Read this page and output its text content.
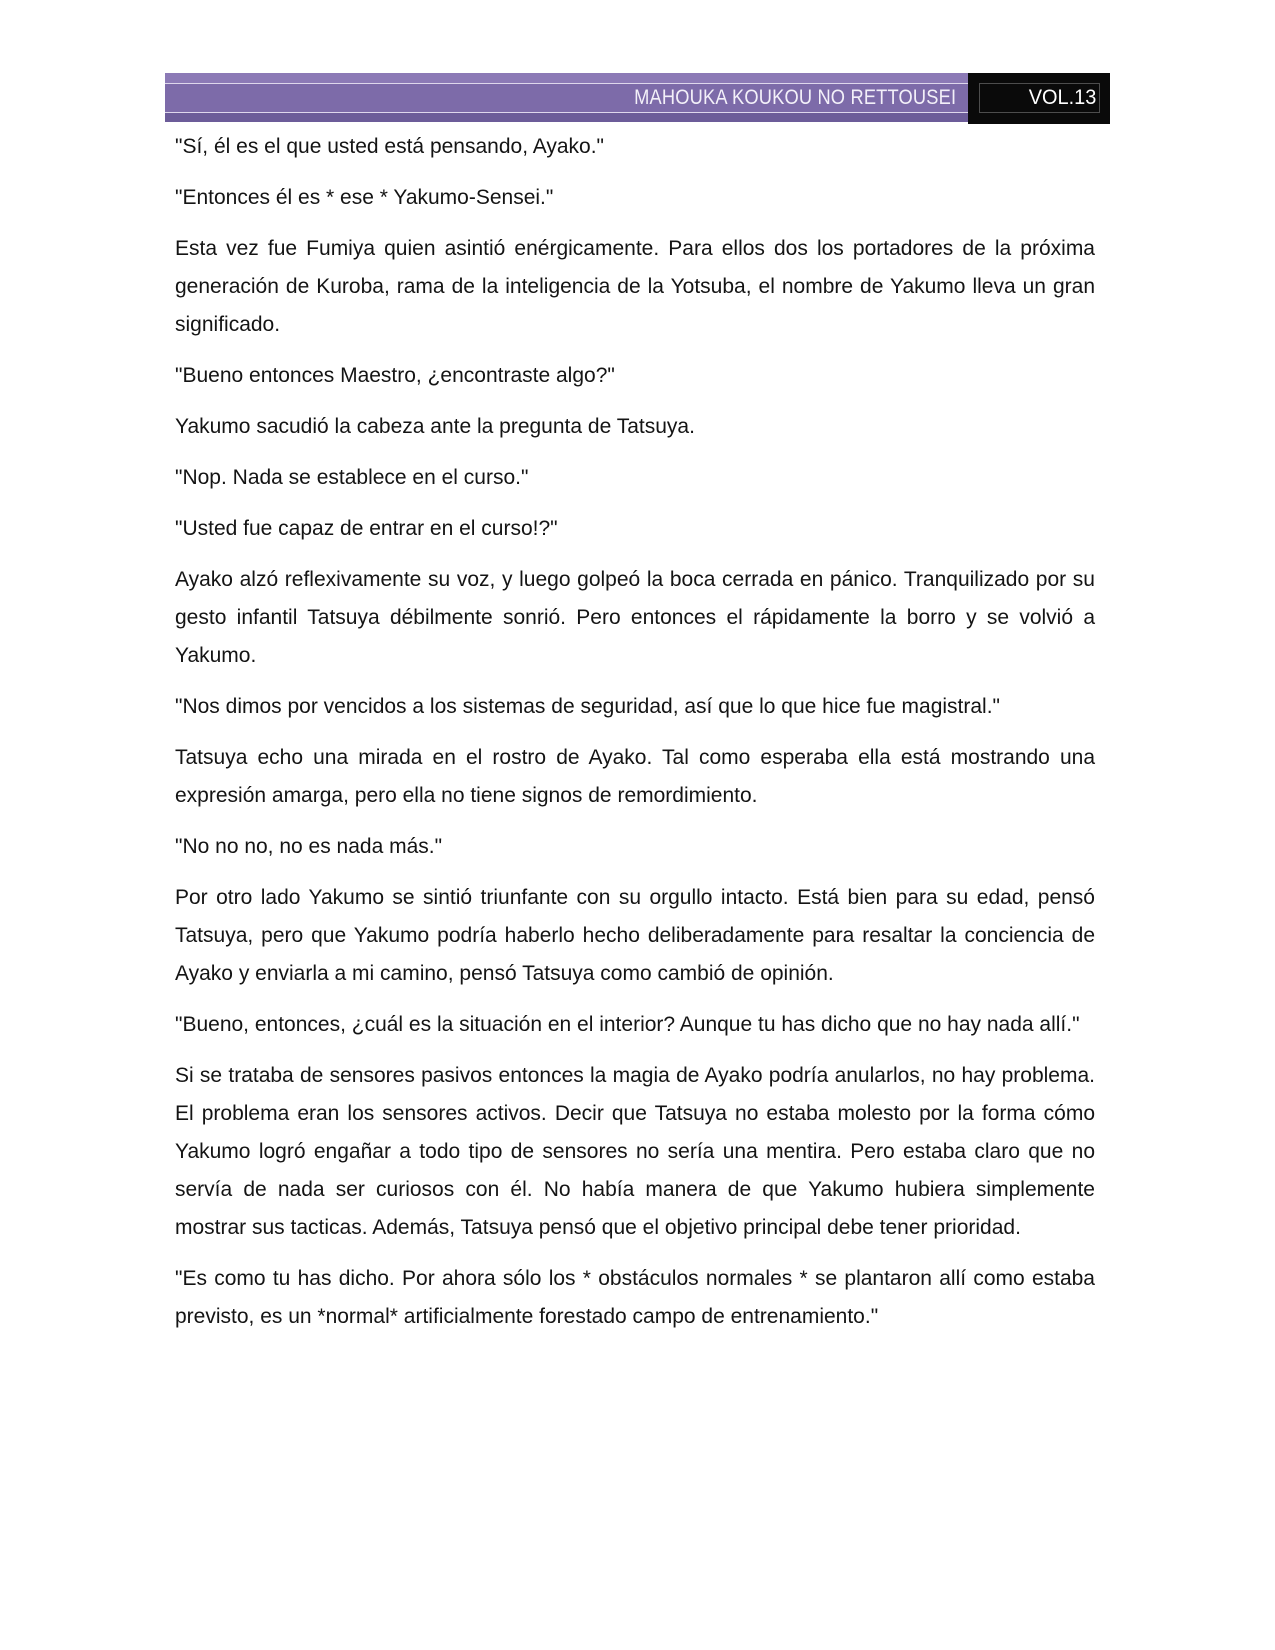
MAHOUKA KOUKOU NO RETTOUSEI	VOL.13

"Sí, él es el que usted está pensando, Ayako."

"Entonces él es * ese * Yakumo-Sensei."

Esta vez fue Fumiya quien asintió enérgicamente. Para ellos dos los portadores de la próxima generación de Kuroba, rama de la inteligencia de la Yotsuba, el nombre de Yakumo lleva un gran significado.

"Bueno entonces Maestro, ¿encontraste algo?"

Yakumo sacudió la cabeza ante la pregunta de Tatsuya.

"Nop. Nada se establece en el curso."

"Usted fue capaz de entrar en el curso!?"

Ayako alzó reflexivamente su voz, y luego golpeó la boca cerrada en pánico. Tranquilizado por su gesto infantil Tatsuya débilmente sonrió. Pero entonces el rápidamente la borro y se volvió a Yakumo.

"Nos dimos por vencidos a los sistemas de seguridad, así que lo que hice fue magistral."

Tatsuya echo una mirada en el rostro de Ayako. Tal como esperaba ella está mostrando una expresión amarga, pero ella no tiene signos de remordimiento.

"No no no, no es nada más."

Por otro lado Yakumo se sintió triunfante con su orgullo intacto. Está bien para su edad, pensó Tatsuya, pero que Yakumo podría haberlo hecho deliberadamente para resaltar la conciencia de Ayako y enviarla a mi camino, pensó Tatsuya como cambió de opinión.

"Bueno, entonces, ¿cuál es la situación en el interior? Aunque tu has dicho que no hay nada allí."

Si se trataba de sensores pasivos entonces la magia de Ayako podría anularlos, no hay problema. El problema eran los sensores activos. Decir que Tatsuya no estaba molesto por la forma cómo Yakumo logró engañar a todo tipo de sensores no sería una mentira. Pero estaba claro que no servía de nada ser curiosos con él. No había manera de que Yakumo hubiera simplemente mostrar sus tacticas. Además, Tatsuya pensó que el objetivo principal debe tener prioridad.

"Es como tu has dicho. Por ahora sólo los * obstáculos normales * se plantaron allí como estaba previsto, es un *normal* artificialmente forestado campo de entrenamiento."
